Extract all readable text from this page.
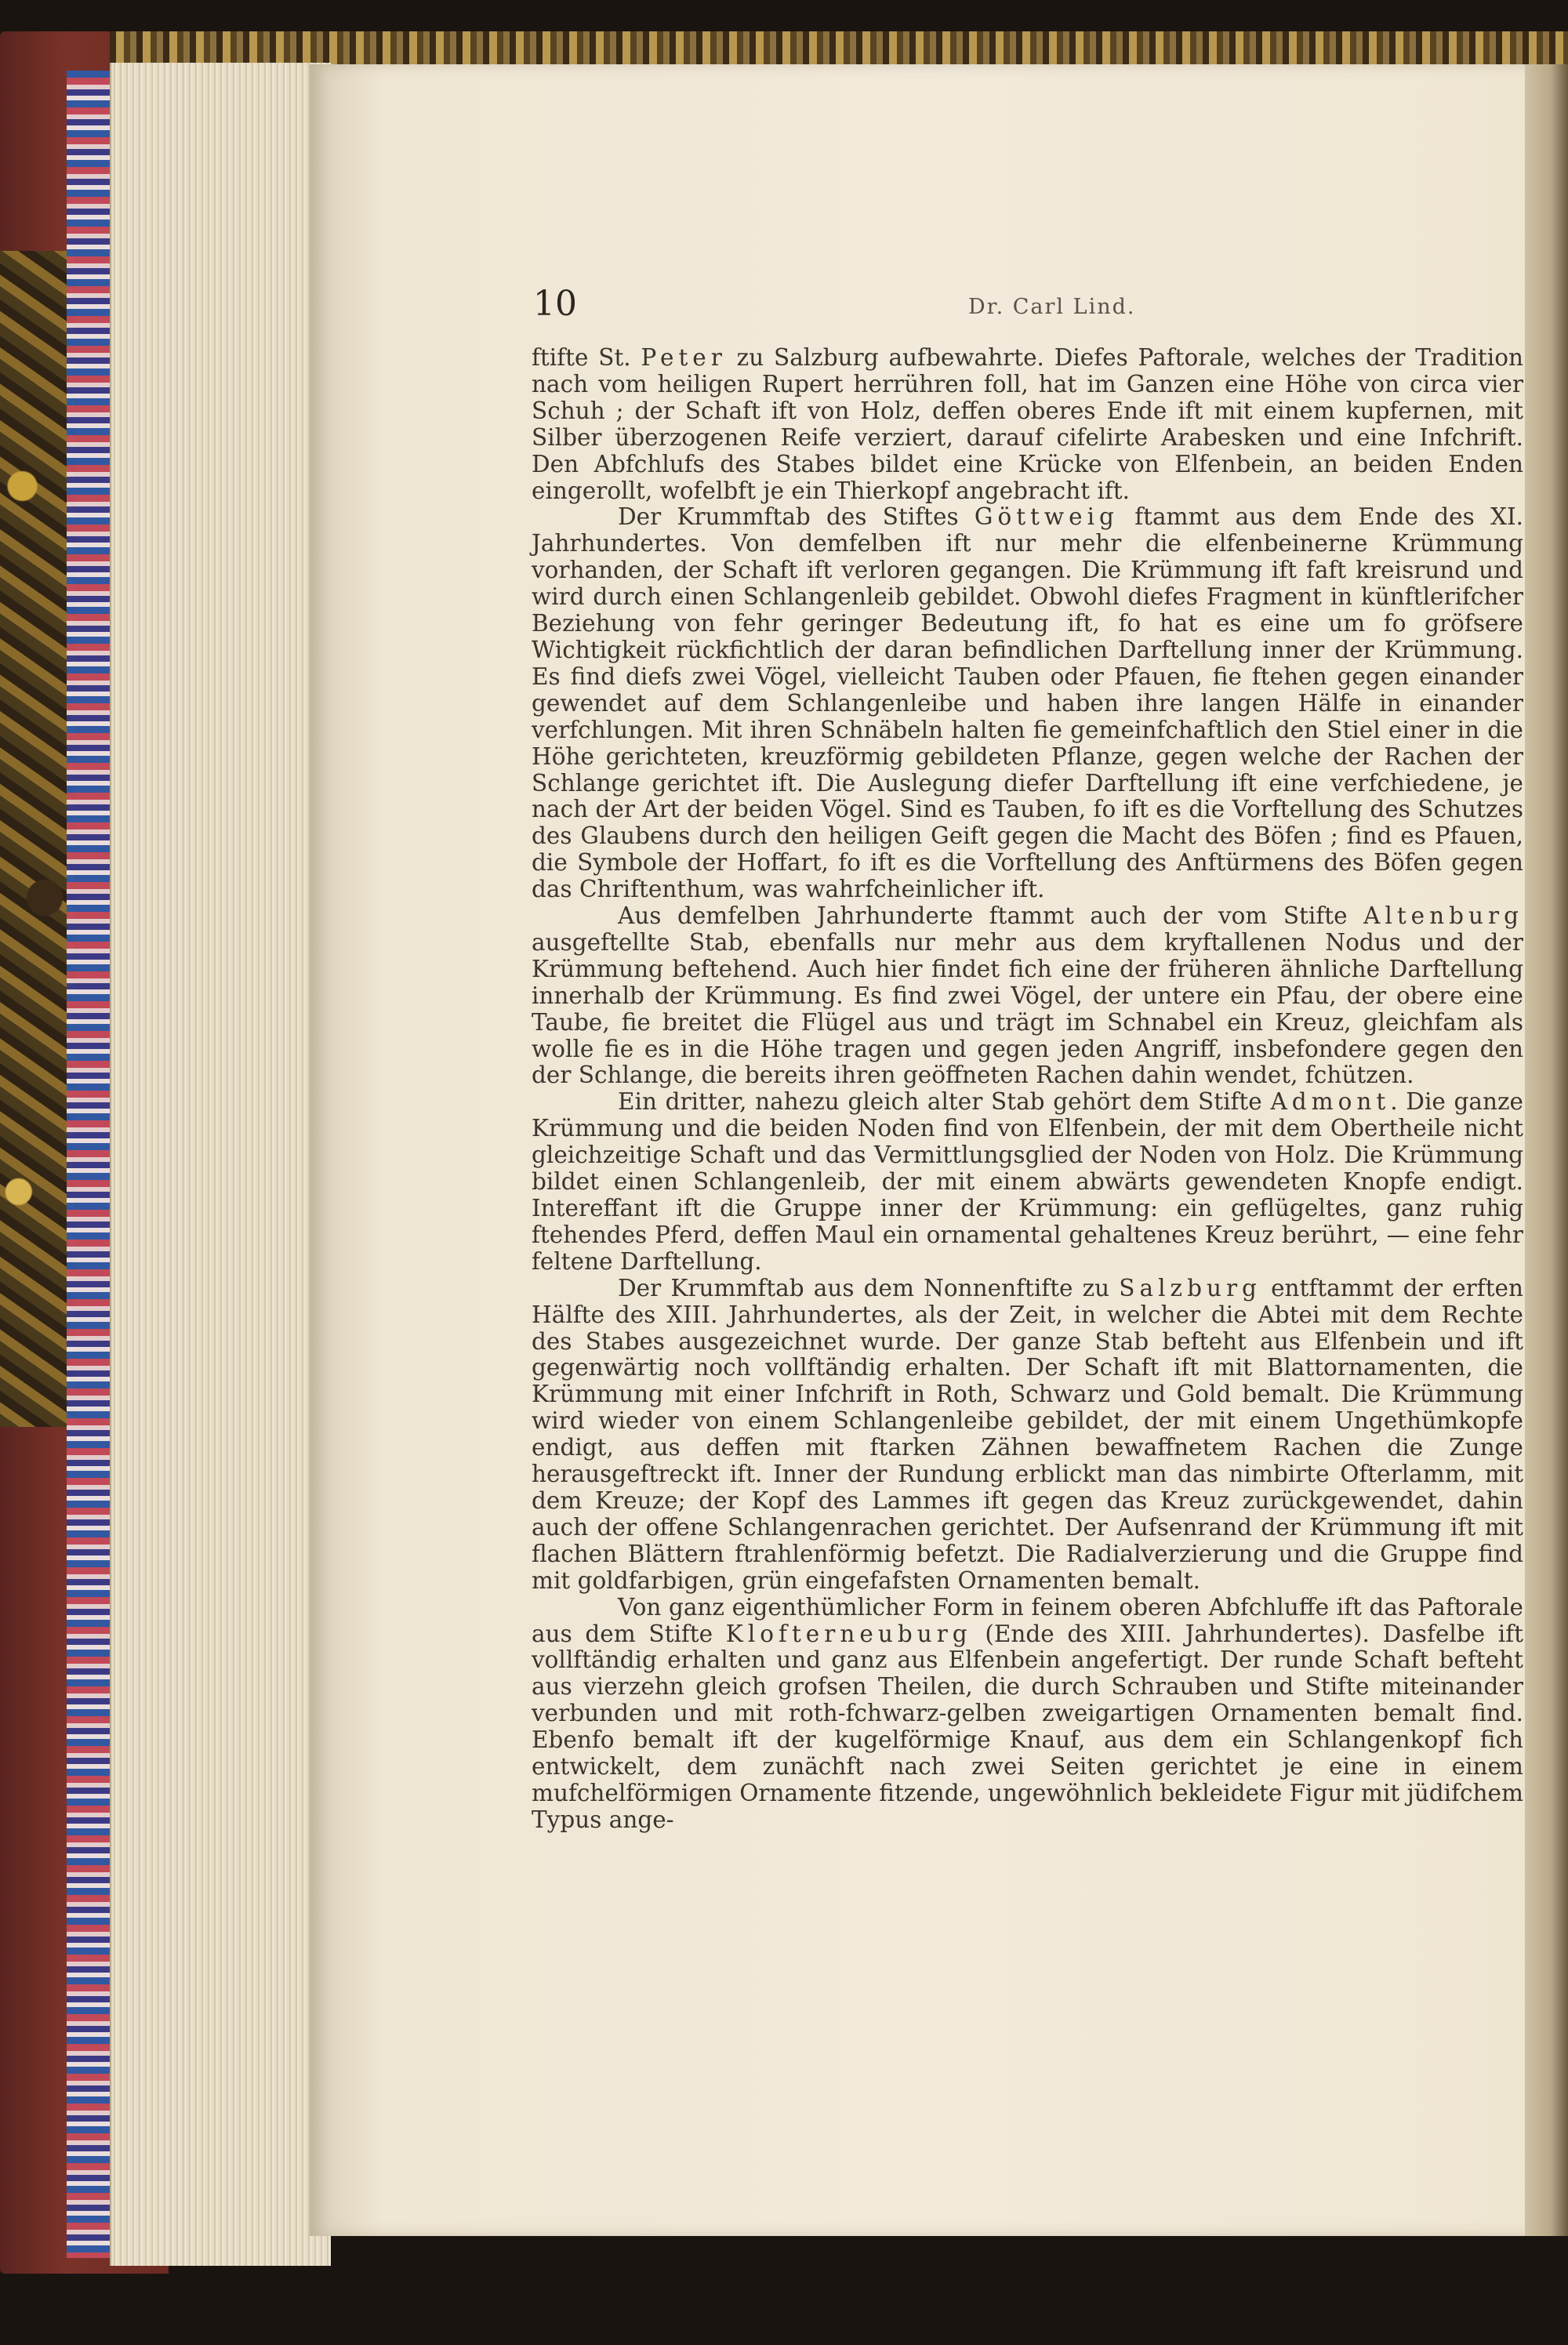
10	Dr. Carl Lind.

ftifte St. Peter zu Salzburg aufbewahrte. Diefes Paftorale, welches der Tradition nach vom heiligen Rupert herrühren foll, hat im Ganzen eine Höhe von circa vier Schuh ; der Schaft ift von Holz, deffen oberes Ende ift mit einem kupfernen, mit Silber überzogenen Reife verziert, darauf cifelirte Arabesken und eine Infchrift. Den Abfchlufs des Stabes bildet eine Krücke von Elfenbein, an beiden Enden eingerollt, wofelbft je ein Thierkopf angebracht ift.

Der Krummftab des Stiftes Göttweig ftammt aus dem Ende des XI. Jahrhundertes. Von demfelben ift nur mehr die elfenbeinerne Krümmung vorhanden, der Schaft ift verloren gegangen. Die Krümmung ift faft kreisrund und wird durch einen Schlangenleib gebildet. Obwohl diefes Fragment in künftlerifcher Beziehung von fehr geringer Bedeutung ift, fo hat es eine um fo gröfsere Wichtigkeit rückfichtlich der daran befindlichen Darftellung inner der Krümmung. Es find diefs zwei Vögel, vielleicht Tauben oder Pfauen, fie ftehen gegen einander gewendet auf dem Schlangenleibe und haben ihre langen Hälfe in einander verfchlungen. Mit ihren Schnäbeln halten fie gemeinfchaftlich den Stiel einer in die Höhe gerichteten, kreuzförmig gebildeten Pflanze, gegen welche der Rachen der Schlange gerichtet ift. Die Auslegung diefer Darftellung ift eine verfchiedene, je nach der Art der beiden Vögel. Sind es Tauben, fo ift es die Vorftellung des Schutzes des Glaubens durch den heiligen Geift gegen die Macht des Böfen ; find es Pfauen, die Symbole der Hoffart, fo ift es die Vorftellung des Anftürmens des Böfen gegen das Chriftenthum, was wahrfcheinlicher ift.

Aus demfelben Jahrhunderte ftammt auch der vom Stifte Altenburg ausgeftellte Stab, ebenfalls nur mehr aus dem kryftallenen Nodus und der Krümmung beftehend. Auch hier findet fich eine der früheren ähnliche Darftellung innerhalb der Krümmung. Es find zwei Vögel, der untere ein Pfau, der obere eine Taube, fie breitet die Flügel aus und trägt im Schnabel ein Kreuz, gleichfam als wolle fie es in die Höhe tragen und gegen jeden Angriff, insbefondere gegen den der Schlange, die bereits ihren geöffneten Rachen dahin wendet, fchützen.

Ein dritter, nahezu gleich alter Stab gehört dem Stifte Admont. Die ganze Krümmung und die beiden Noden find von Elfenbein, der mit dem Obertheile nicht gleichzeitige Schaft und das Vermittlungsglied der Noden von Holz. Die Krümmung bildet einen Schlangenleib, der mit einem abwärts gewendeten Knopfe endigt. Intereffant ift die Gruppe inner der Krümmung: ein geflügeltes, ganz ruhig ftehendes Pferd, deffen Maul ein ornamental gehaltenes Kreuz berührt, — eine fehr feltene Darftellung.

Der Krummftab aus dem Nonnenftifte zu Salzburg entftammt der erften Hälfte des XIII. Jahrhundertes, als der Zeit, in welcher die Abtei mit dem Rechte des Stabes ausgezeichnet wurde. Der ganze Stab befteht aus Elfenbein und ift gegenwärtig noch vollftändig erhalten. Der Schaft ift mit Blattornamenten, die Krümmung mit einer Infchrift in Roth, Schwarz und Gold bemalt. Die Krümmung wird wieder von einem Schlangenleibe gebildet, der mit einem Ungethümkopfe endigt, aus deffen mit ftarken Zähnen bewaffnetem Rachen die Zunge herausgeftreckt ift. Inner der Rundung erblickt man das nimbirte Ofterlamm, mit dem Kreuze; der Kopf des Lammes ift gegen das Kreuz zurückgewendet, dahin auch der offene Schlangenrachen gerichtet. Der Aufsenrand der Krümmung ift mit flachen Blättern ftrahlenförmig befetzt. Die Radialverzierung und die Gruppe find mit goldfarbigen, grün eingefafsten Ornamenten bemalt.

Von ganz eigenthümlicher Form in feinem oberen Abfchluffe ift das Paftorale aus dem Stifte Klofterneuburg (Ende des XIII. Jahrhundertes). Dasfelbe ift vollftändig erhalten und ganz aus Elfenbein angefertigt. Der runde Schaft befteht aus vierzehn gleich grofsen Theilen, die durch Schrauben und Stifte miteinander verbunden und mit roth-fchwarz-gelben zweigartigen Ornamenten bemalt find. Ebenfo bemalt ift der kugelförmige Knauf, aus dem ein Schlangenkopf fich entwickelt, dem zunächft nach zwei Seiten gerichtet je eine in einem mufchelförmigen Ornamente fitzende, ungewöhnlich bekleidete Figur mit jüdifchem Typus ange-
